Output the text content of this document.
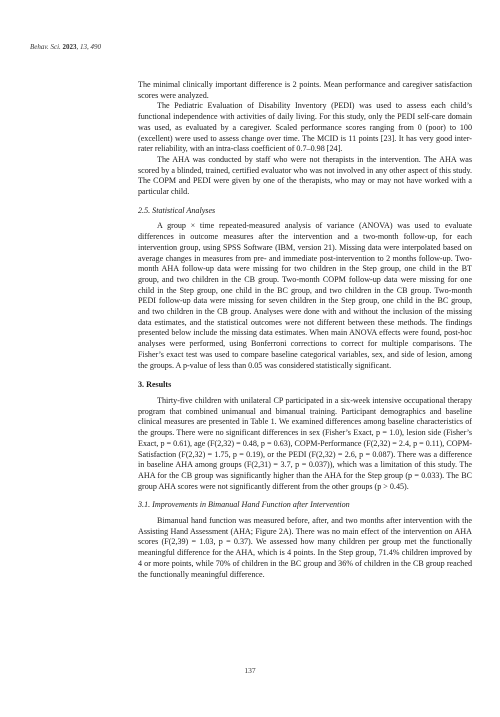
Behav. Sci. 2023, 13, 490

The minimal clinically important difference is 2 points. Mean performance and caregiver satisfaction scores were analyzed.

The Pediatric Evaluation of Disability Inventory (PEDI) was used to assess each child’s functional independence with activities of daily living. For this study, only the PEDI self-care domain was used, as evaluated by a caregiver. Scaled performance scores ranging from 0 (poor) to 100 (excellent) were used to assess change over time. The MCID is 11 points [23]. It has very good inter-rater reliability, with an intra-class coefficient of 0.7–0.98 [24].

The AHA was conducted by staff who were not therapists in the intervention. The AHA was scored by a blinded, trained, certified evaluator who was not involved in any other aspect of this study. The COPM and PEDI were given by one of the therapists, who may or may not have worked with a particular child.

2.5. Statistical Analyses

A group × time repeated-measured analysis of variance (ANOVA) was used to evaluate differences in outcome measures after the intervention and a two-month follow-up, for each intervention group, using SPSS Software (IBM, version 21). Missing data were interpolated based on average changes in measures from pre- and immediate post-intervention to 2 months follow-up. Two-month AHA follow-up data were missing for two children in the Step group, one child in the BT group, and two children in the CB group. Two-month COPM follow-up data were missing for one child in the Step group, one child in the BC group, and two children in the CB group. Two-month PEDI follow-up data were missing for seven children in the Step group, one child in the BC group, and two children in the CB group. Analyses were done with and without the inclusion of the missing data estimates, and the statistical outcomes were not different between these methods. The findings presented below include the missing data estimates. When main ANOVA effects were found, post-hoc analyses were performed, using Bonferroni corrections to correct for multiple comparisons. The Fisher’s exact test was used to compare baseline categorical variables, sex, and side of lesion, among the groups. A p-value of less than 0.05 was considered statistically significant.

3. Results

Thirty-five children with unilateral CP participated in a six-week intensive occupational therapy program that combined unimanual and bimanual training. Participant demographics and baseline clinical measures are presented in Table 1. We examined differences among baseline characteristics of the groups. There were no significant differences in sex (Fisher’s Exact, p = 1.0), lesion side (Fisher’s Exact, p = 0.61), age (F(2,32) = 0.48, p = 0.63), COPM-Performance (F(2,32) = 2.4, p = 0.11), COPM-Satisfaction (F(2,32) = 1.75, p = 0.19), or the PEDI (F(2,32) = 2.6, p = 0.087). There was a difference in baseline AHA among groups (F(2,31) = 3.7, p = 0.037)), which was a limitation of this study. The AHA for the CB group was significantly higher than the AHA for the Step group (p = 0.033). The BC group AHA scores were not significantly different from the other groups (p > 0.45).

3.1. Improvements in Bimanual Hand Function after Intervention

Bimanual hand function was measured before, after, and two months after intervention with the Assisting Hand Assessment (AHA; Figure 2A). There was no main effect of the intervention on AHA scores (F(2,39) = 1.03, p = 0.37). We assessed how many children per group met the functionally meaningful difference for the AHA, which is 4 points. In the Step group, 71.4% children improved by 4 or more points, while 70% of children in the BC group and 36% of children in the CB group reached the functionally meaningful difference.

137
